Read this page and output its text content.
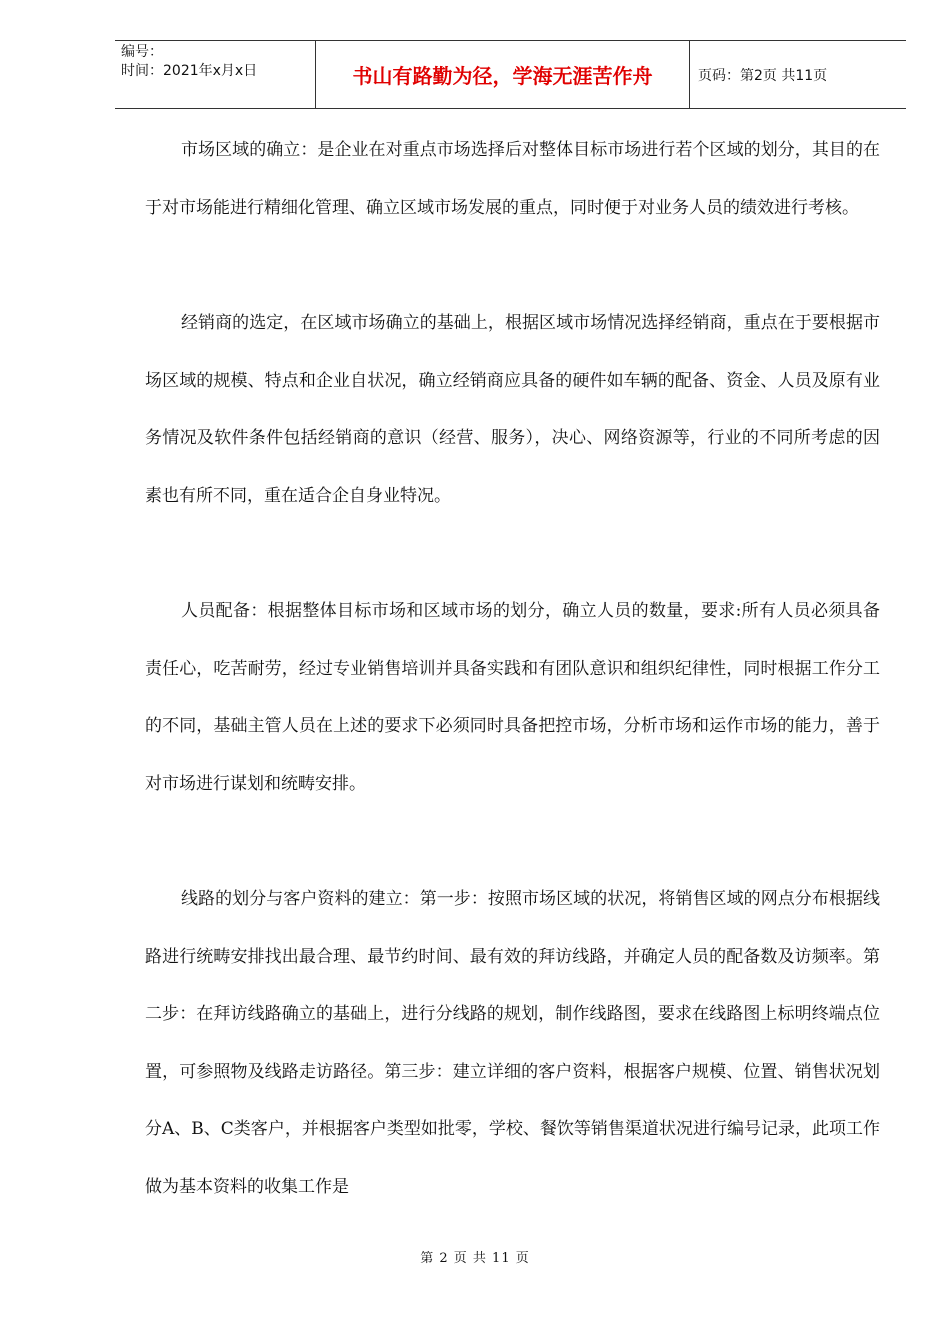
编号：
时间：2021年x月x日	书山有路勤为径，学海无涯苦作舟	页码：第2页 共11页

市场区域的确立：是企业在对重点市场选择后对整体目标市场进行若个区域的划分，其目的在于对市场能进行精细化管理、确立区域市场发展的重点，同时便于对业务人员的绩效进行考核。

经销商的选定，在区域市场确立的基础上，根据区域市场情况选择经销商，重点在于要根据市场区域的规模、特点和企业自状况，确立经销商应具备的硬件如车辆的配备、资金、人员及原有业务情况及软件条件包括经销商的意识（经营、服务），决心、网络资源等，行业的不同所考虑的因素也有所不同，重在适合企自身业特况。

人员配备：根据整体目标市场和区域市场的划分，确立人员的数量，要求:所有人员必须具备责任心，吃苦耐劳，经过专业销售培训并具备实践和有团队意识和组织纪律性，同时根据工作分工的不同，基础主管人员在上述的要求下必须同时具备把控市场，分析市场和运作市场的能力，善于对市场进行谋划和统畴安排。

线路的划分与客户资料的建立：第一步：按照市场区域的状况，将销售区域的网点分布根据线路进行统畴安排找出最合理、最节约时间、最有效的拜访线路，并确定人员的配备数及访频率。第二步：在拜访线路确立的基础上，进行分线路的规划，制作线路图，要求在线路图上标明终端点位置，可参照物及线路走访路径。第三步：建立详细的客户资料，根据客户规模、位置、销售状况划分A、B、C类客户，并根据客户类型如批零，学校、餐饮等销售渠道状况进行编号记录，此项工作做为基本资料的收集工作是

第 2 页 共 11 页
